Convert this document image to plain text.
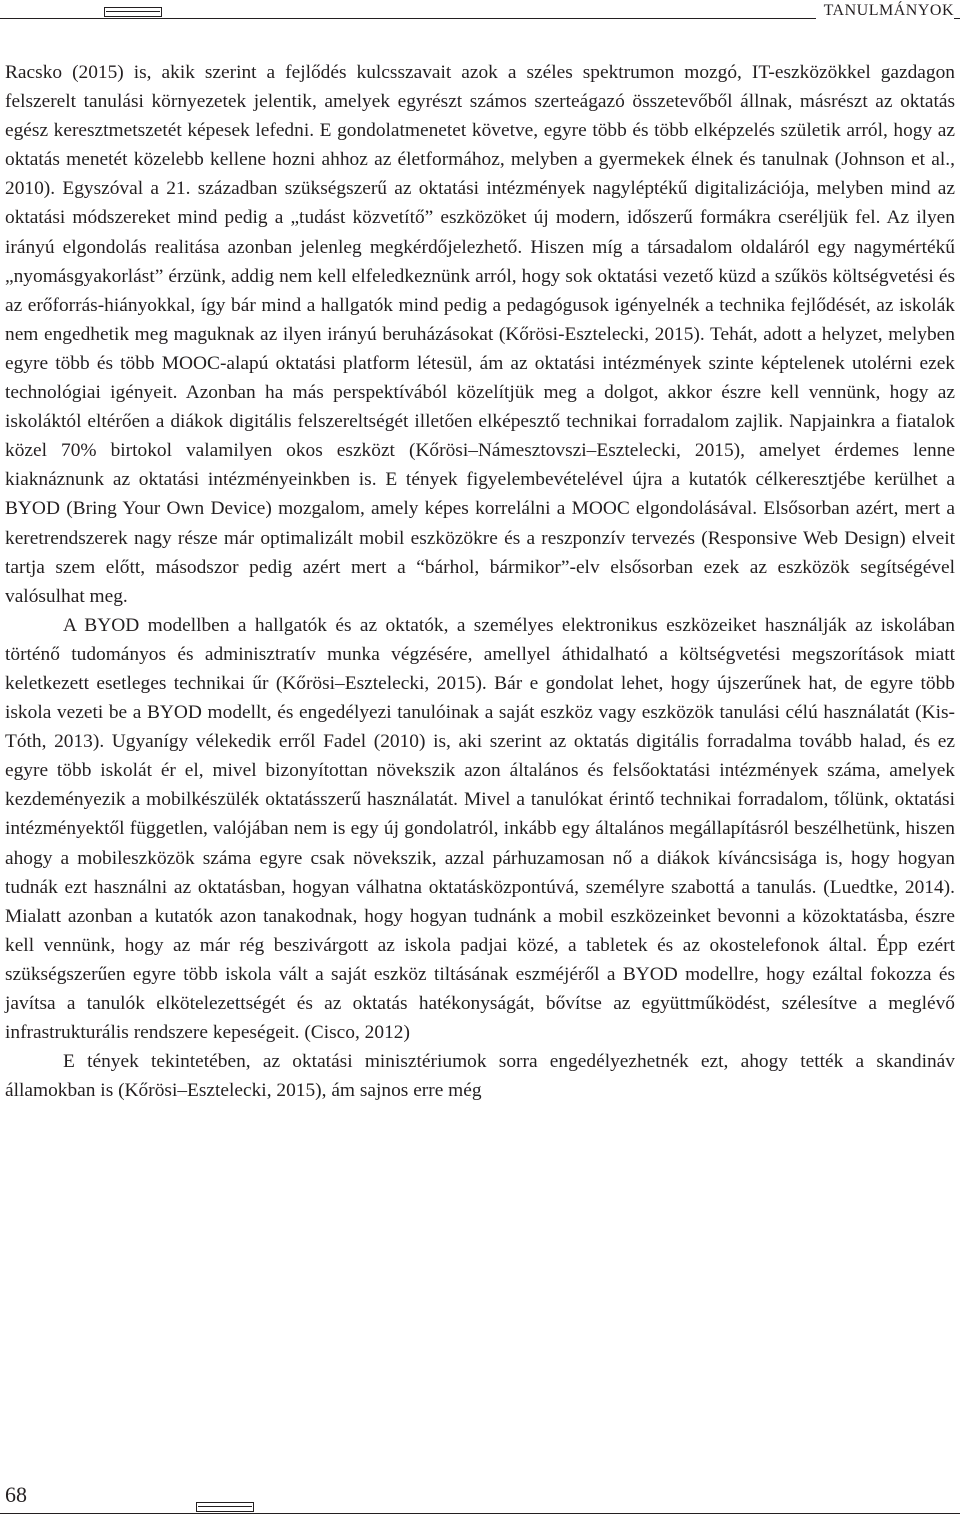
TANULMÁNYOK

Racsko (2015) is, akik szerint a fejlődés kulcsszavait azok a széles spektrumon mozgó, IT-eszközökkel gazdagon felszerelt tanulási környezetek jelentik, amelyek egyrészt számos szerteágazó összetevőből állnak, másrészt az oktatás egész keresztmetszetét képesek lefedni. E gondolatmenetet követve, egyre több és több elképzelés születik arról, hogy az oktatás menetét közelebb kellene hozni ahhoz az életformához, melyben a gyermekek élnek és tanulnak (Johnson et al., 2010). Egyszóval a 21. században szükségszerű az oktatási intézmények nagyléptékű digitalizációja, melyben mind az oktatási módszereket mind pedig a „tudást közvetítő” eszközöket új modern, időszerű formákra cseréljük fel. Az ilyen irányú elgondolás realitása azonban jelenleg megkérdőjelezhető. Hiszen míg a társadalom oldaláról egy nagymértékű „nyomásgyakorlást” érzünk, addig nem kell elfeledkeznünk arról, hogy sok oktatási vezető küzd a szűkös költségvetési és az erőforrás-hiányokkal, így bár mind a hallgatók mind pedig a pedagógusok igényelnék a technika fejlődését, az iskolák nem engedhetik meg maguknak az ilyen irányú beruházásokat (Kőrösi-Esztelecki, 2015). Tehát, adott a helyzet, melyben egyre több és több MOOC-alapú oktatási platform létesül, ám az oktatási intézmények szinte képtelenek utolérni ezek technológiai igényeit. Azonban ha más perspektívából közelítjük meg a dolgot, akkor észre kell vennünk, hogy az iskoláktól eltérően a diákok digitális felszereltségét illetően elképesztő technikai forradalom zajlik. Napjainkra a fiatalok közel 70% birtokol valamilyen okos eszközt (Kőrösi–Námesztovszi–Esztelecki, 2015), amelyet érdemes lenne kiaknáznunk az oktatási intézményeinkben is. E tények figyelembevételével újra a kutatók célkeresztjébe kerülhet a BYOD (Bring Your Own Device) mozgalom, amely képes korrelálni a MOOC elgondolásával. Elsősorban azért, mert a keretrendszerek nagy része már optimalizált mobil eszközökre és a reszponzív tervezés (Responsive Web Design) elveit tartja szem előtt, másodszor pedig azért mert a “bárhol, bármikor”-elv elsősorban ezek az eszközök segítségével valósulhat meg.

A BYOD modellben a hallgatók és az oktatók, a személyes elektronikus eszközeiket használják az iskolában történő tudományos és adminisztratív munka végzésére, amellyel áthidalható a költségvetési megszorítások miatt keletkezett esetleges technikai űr (Kőrösi–Esztelecki, 2015). Bár e gondolat lehet, hogy újszerűnek hat, de egyre több iskola vezeti be a BYOD modellt, és engedélyezi tanulóinak a saját eszköz vagy eszközök tanulási célú használatát (Kis-Tóth, 2013). Ugyanígy vélekedik erről Fadel (2010) is, aki szerint az oktatás digitális forradalma tovább halad, és ez egyre több iskolát ér el, mivel bizonyítottan növekszik azon általános és felsőoktatási intézmények száma, amelyek kezdeményezik a mobilkészülék oktatásszerű használatát. Mivel a tanulókat érintő technikai forradalom, tőlünk, oktatási intézményektől független, valójában nem is egy új gondolatról, inkább egy általános megállapításról beszélhetünk, hiszen ahogy a mobileszközök száma egyre csak növekszik, azzal párhuzamosan nő a diákok kíváncsisága is, hogy hogyan tudnák ezt használni az oktatásban, hogyan válhatna oktatásközpontúvá, személyre szabottá a tanulás. (Luedtke, 2014). Mialatt azonban a kutatók azon tanakodnak, hogy hogyan tudnánk a mobil eszközeinket bevonni a közoktatásba, észre kell vennünk, hogy az már rég beszivárgott az iskola padjai közé, a tabletek és az okostelefonok által. Épp ezért szükségszerűen egyre több iskola vált a saját eszköz tiltásának eszméjéről a BYOD modellre, hogy ezáltal fokozza és javítsa a tanulók elkötelezettségét és az oktatás hatékonyságát, bővítse az együttműködést, szélesítve a meglévő infrastrukturális rendszere kepeségeit. (Cisco, 2012)

E tények tekintetében, az oktatási minisztériumok sorra engedélyezhetnék ezt, ahogy tették a skandináv államokban is (Kőrösi–Esztelecki, 2015), ám sajnos erre még

68
